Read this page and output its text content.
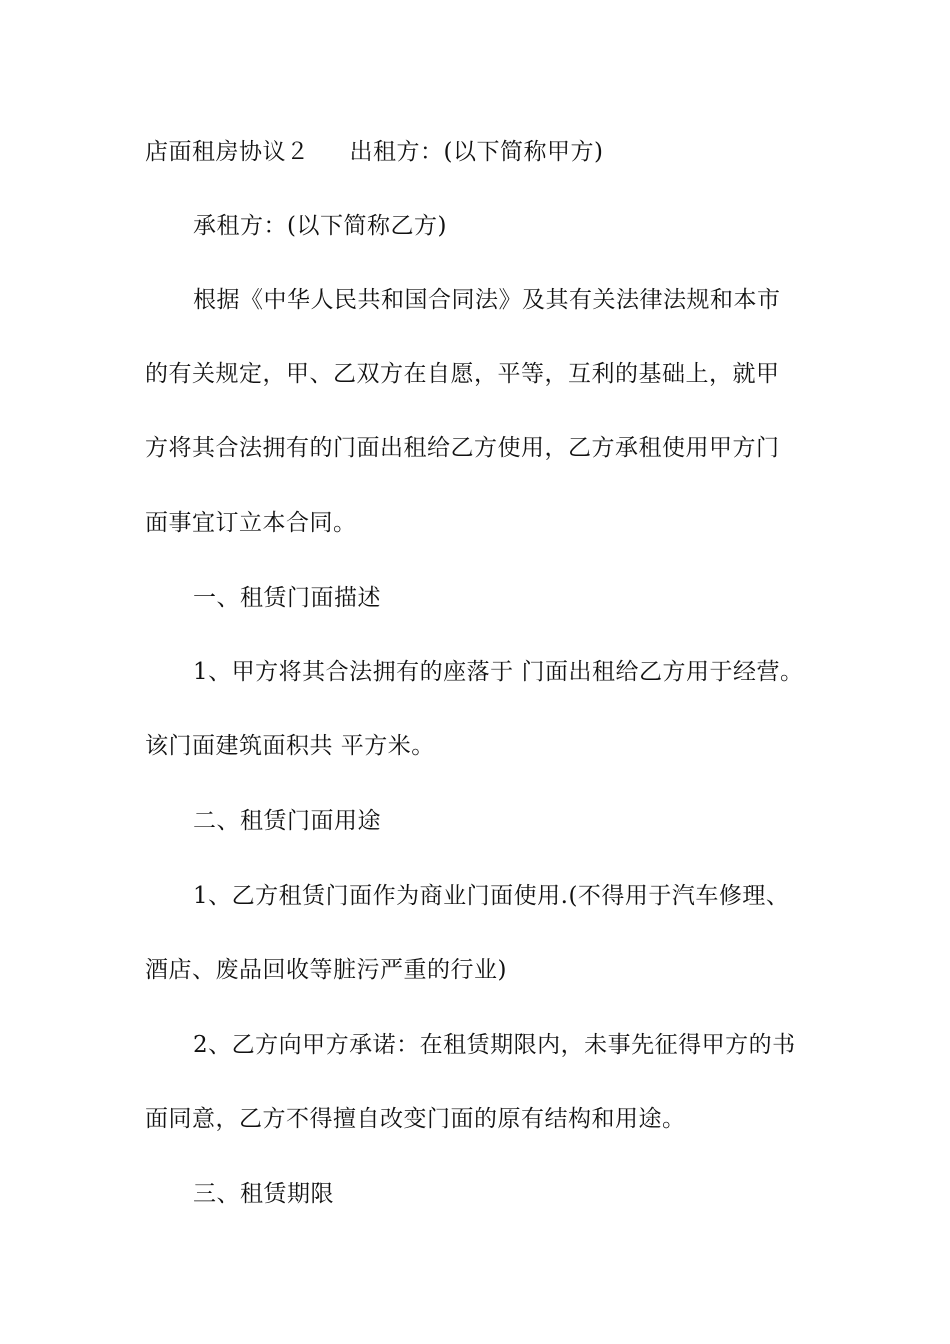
店面租房协议２ 出租方：(以下简称甲方)
承租方：(以下简称乙方)
根据《中华人民共和国合同法》及其有关法律法规和本市
的有关规定，甲、乙双方在自愿，平等，互利的基础上，就甲
方将其合法拥有的门面出租给乙方使用，乙方承租使用甲方门
面事宜订立本合同。
一、租赁门面描述
1、甲方将其合法拥有的座落于 门面出租给乙方用于经营。
该门面建筑面积共 平方米。
二、租赁门面用途
1、乙方租赁门面作为商业门面使用.(不得用于汽车修理、
酒店、废品回收等脏污严重的行业)
2、乙方向甲方承诺：在租赁期限内，未事先征得甲方的书
面同意，乙方不得擅自改变门面的原有结构和用途。
三、租赁期限
